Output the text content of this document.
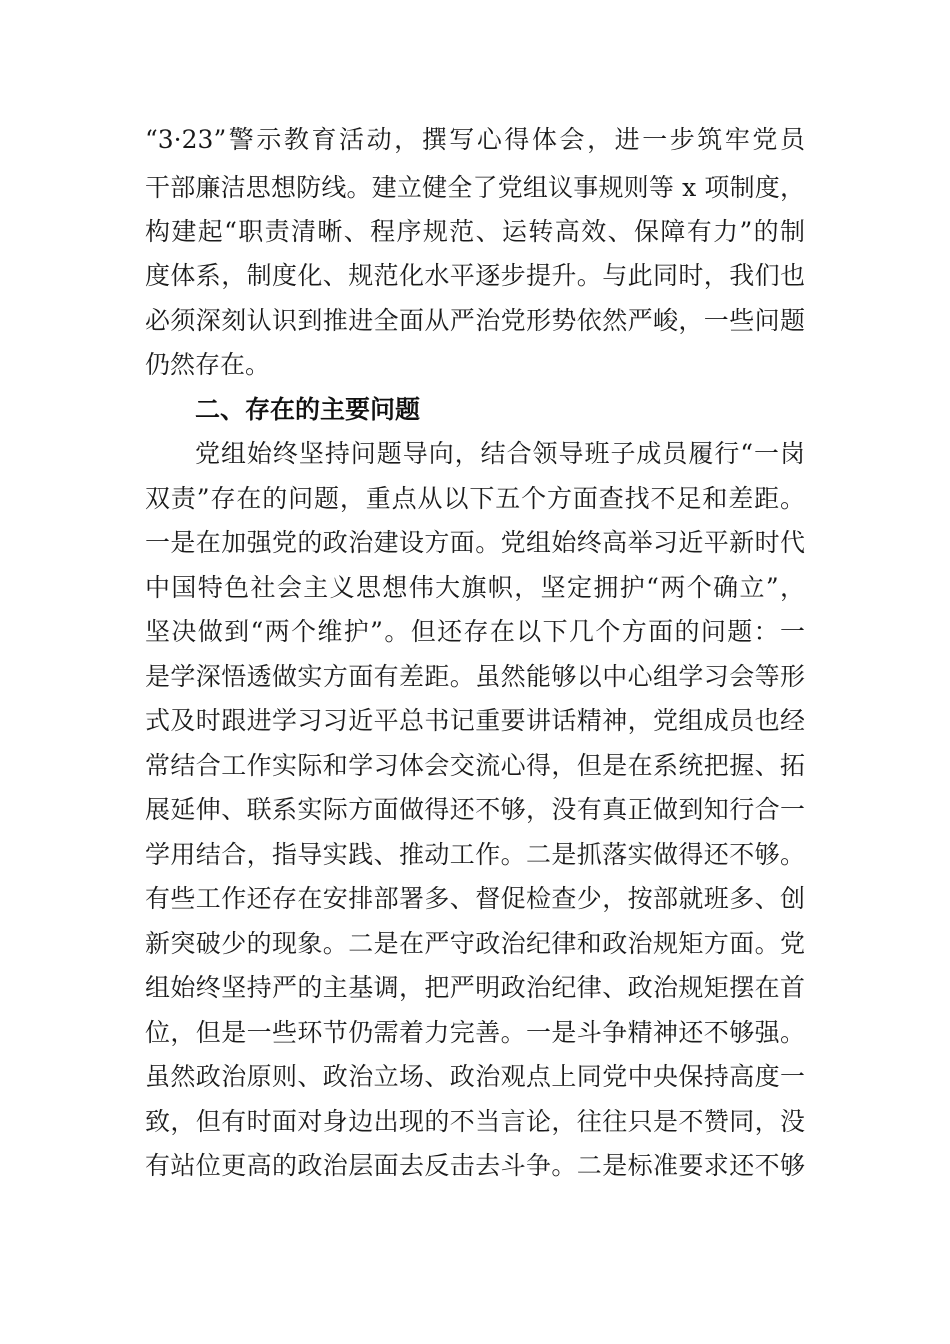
“3·23”警示教育活动，撰写心得体会，进一步筑牢党员
干部廉洁思想防线。建立健全了党组议事规则等 x 项制度，
构建起“职责清晰、程序规范、运转高效、保障有力”的制
度体系，制度化、规范化水平逐步提升。与此同时，我们也
必须深刻认识到推进全面从严治党形势依然严峻，一些问题
仍然存在。
二、存在的主要问题
党组始终坚持问题导向，结合领导班子成员履行“一岗
双责”存在的问题，重点从以下五个方面查找不足和差距。
一是在加强党的政治建设方面。党组始终高举习近平新时代
中国特色社会主义思想伟大旗帜，坚定拥护“两个确立”，
坚决做到“两个维护”。但还存在以下几个方面的问题：一
是学深悟透做实方面有差距。虽然能够以中心组学习会等形
式及时跟进学习习近平总书记重要讲话精神，党组成员也经
常结合工作实际和学习体会交流心得，但是在系统把握、拓
展延伸、联系实际方面做得还不够，没有真正做到知行合一
学用结合，指导实践、推动工作。二是抓落实做得还不够。
有些工作还存在安排部署多、督促检查少，按部就班多、创
新突破少的现象。二是在严守政治纪律和政治规矩方面。党
组始终坚持严的主基调，把严明政治纪律、政治规矩摆在首
位，但是一些环节仍需着力完善。一是斗争精神还不够强。
虽然政治原则、政治立场、政治观点上同党中央保持高度一
致，但有时面对身边出现的不当言论，往往只是不赞同，没
有站位更高的政治层面去反击去斗争。二是标准要求还不够
